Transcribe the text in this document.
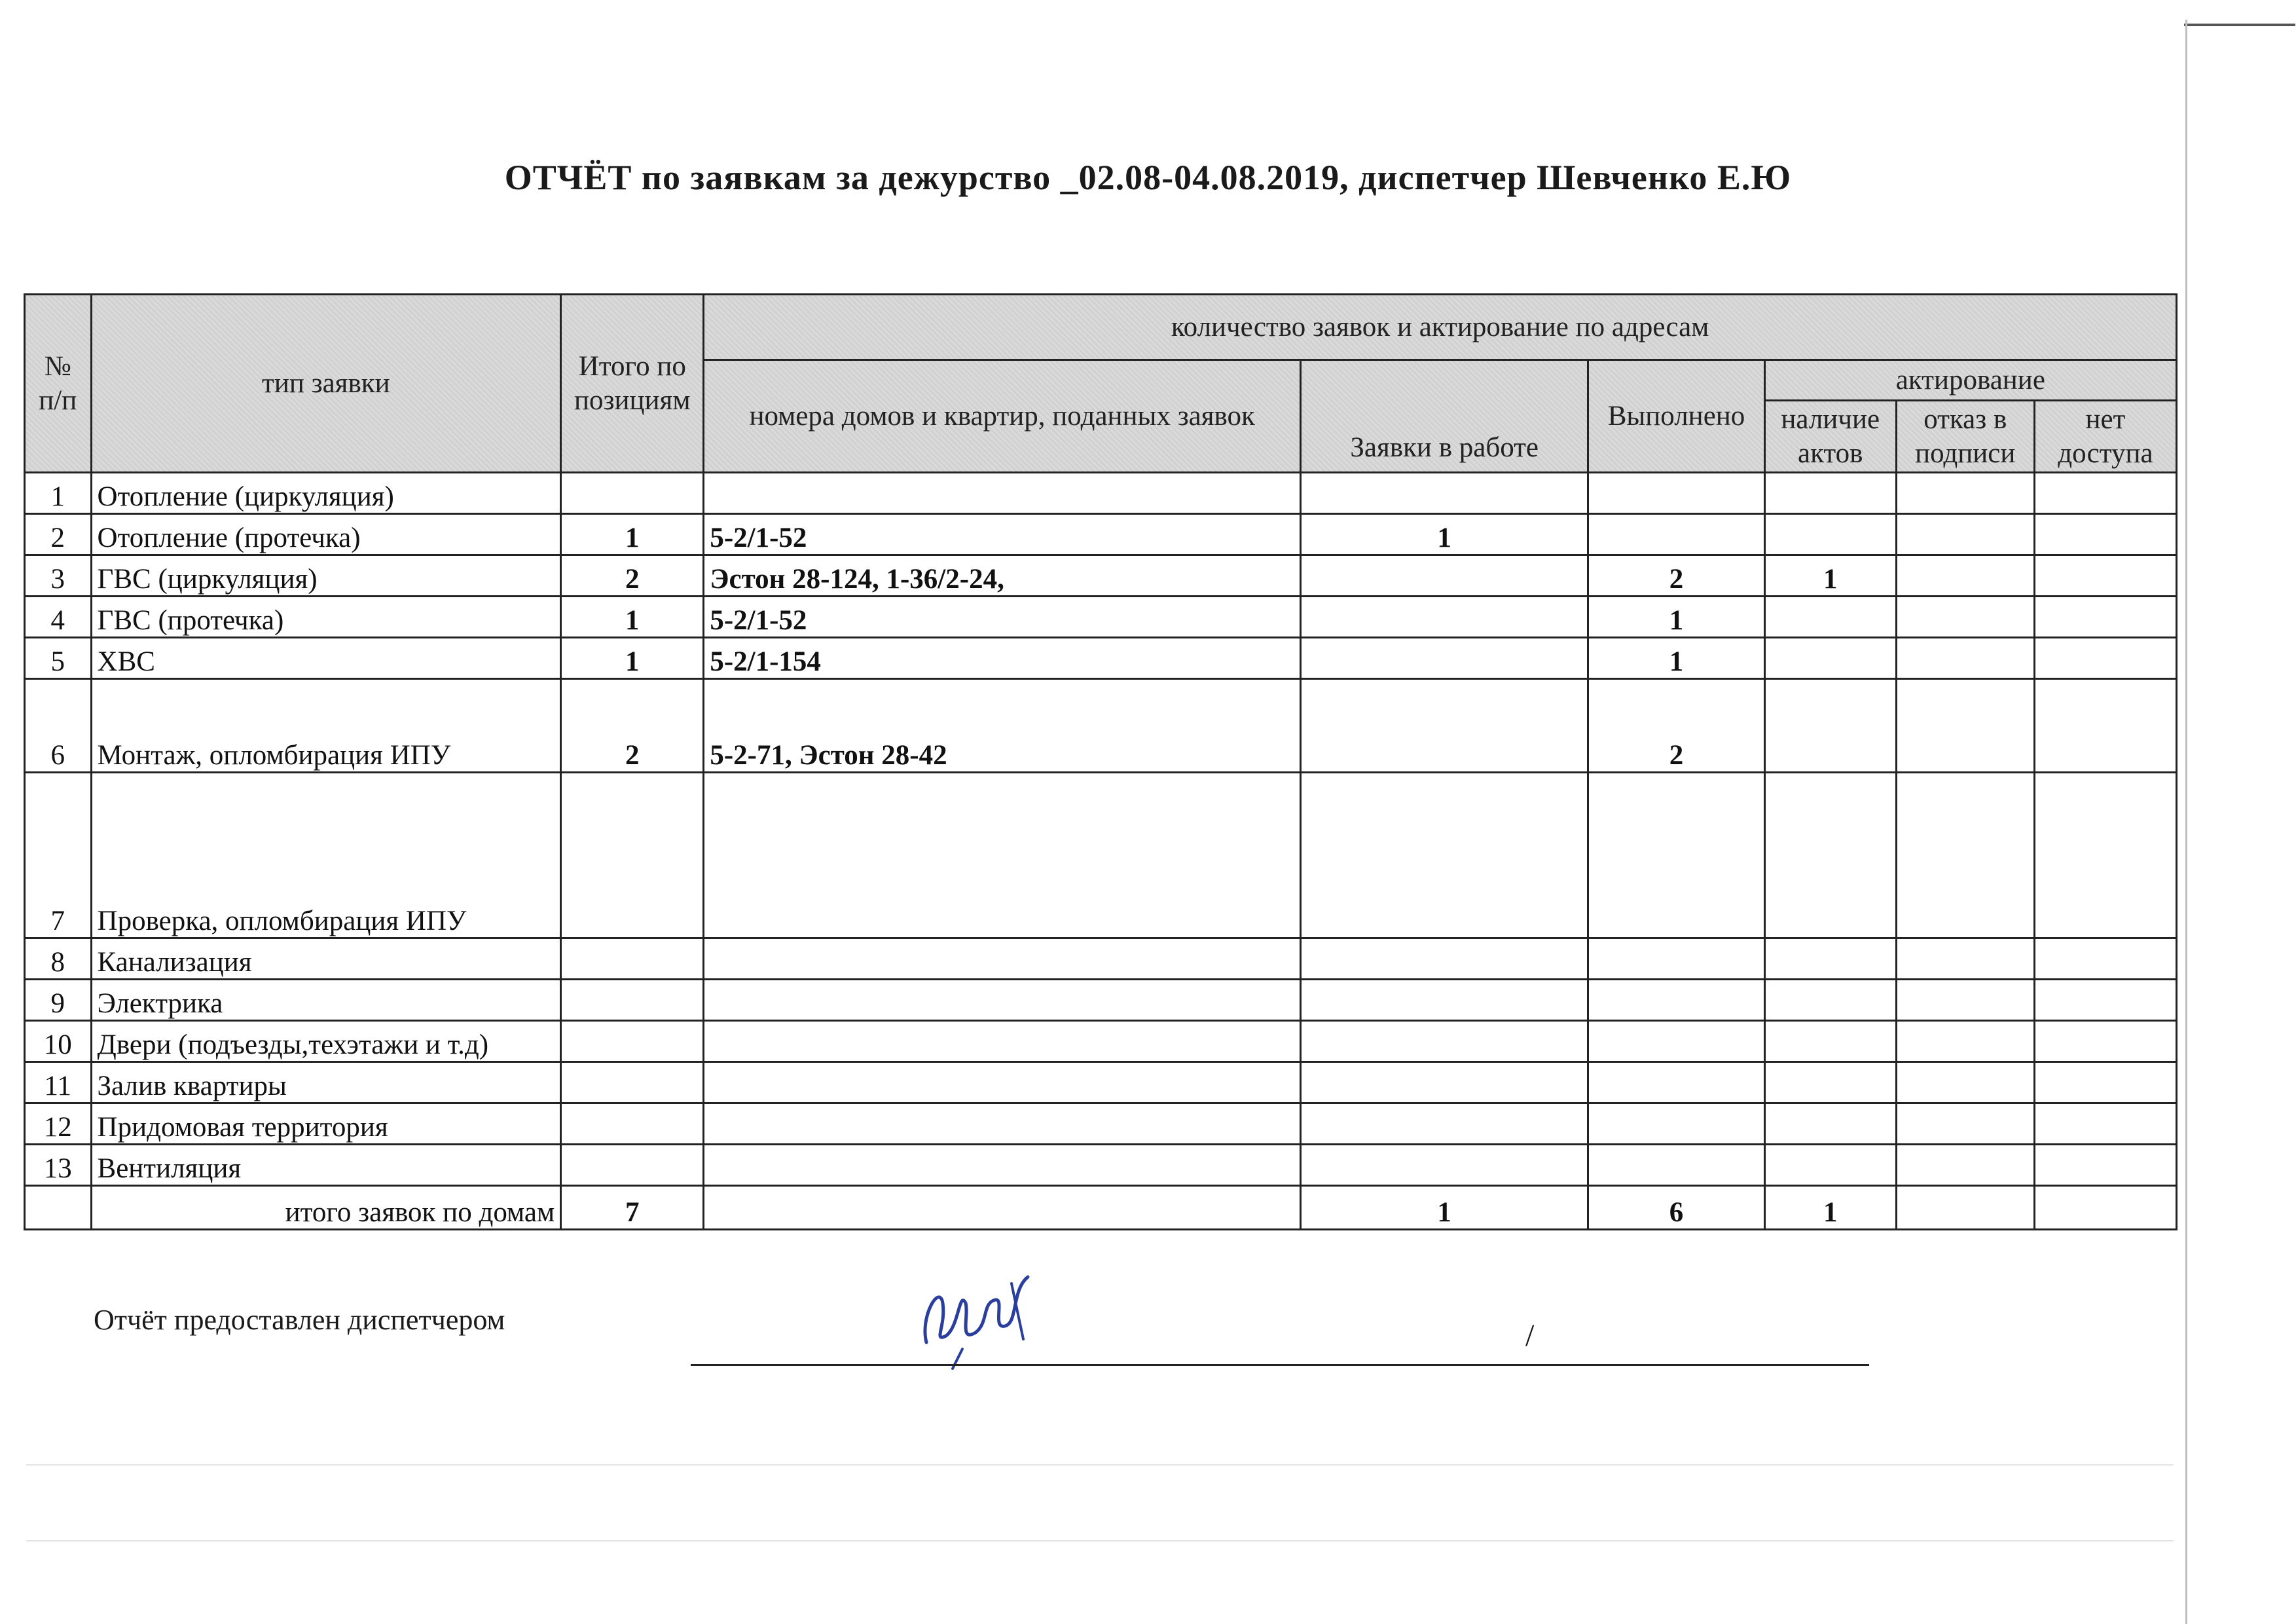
ОТЧЁТ по заявкам за дежурство _02.08-04.08.2019, диспетчер Шевченко Е.Ю
№ п/п	тип заявки	Итого по позициям	количество заявок и актирование по адресам					
			номера домов и квартир, поданных заявок	Заявки в работе	Выполнено	актирование		
						наличие актов	отказ в подписи	нет доступа
1	Отопление (циркуляция)							
2	Отопление (протечка)	1	5-2/1-52	1				
3	ГВС (циркуляция)	2	Эстон 28-124, 1-36/2-24,		2	1		
4	ГВС (протечка)	1	5-2/1-52		1			
5	ХВС	1	5-2/1-154		1			
6	Монтаж, опломбирация ИПУ	2	5-2-71, Эстон 28-42		2			
7	Проверка, опломбирация ИПУ							
8	Канализация							
9	Электрика							
10	Двери (подъезды,техэтажи и т.д)							
11	Залив квартиры							
12	Придомовая территория							
13	Вентиляция							
	итого заявок по домам	7		1	6	1		
Отчёт предоставлен диспетчером	/
